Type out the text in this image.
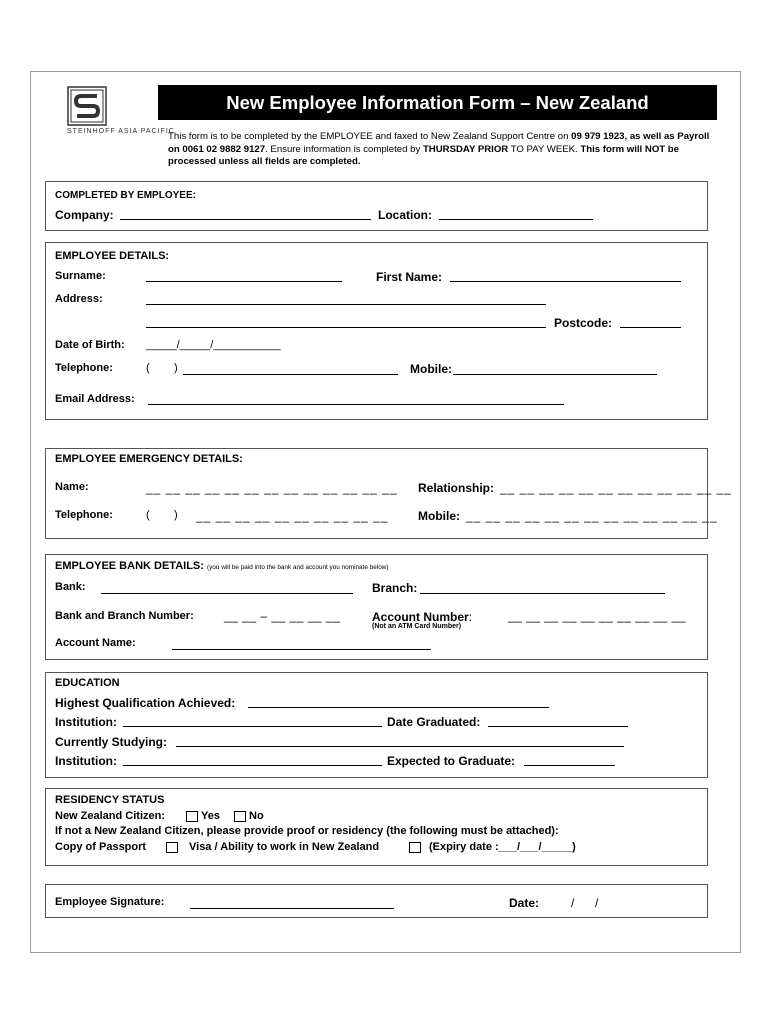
STEINHOFF ASIA PACIFIC
New Employee Information Form – New Zealand
This form is to be completed by the EMPLOYEE and faxed to New Zealand Support Centre on 09 979 1923, as well as Payroll on 0061 02 9882 9127. Ensure information is completed by THURSDAY PRIOR TO PAY WEEK. This form will NOT be processed unless all fields are completed.
COMPLETED BY EMPLOYEE:
Company:	Location:
EMPLOYEE DETAILS:
Surname:	First Name:
Address:
Postcode:
Date of Birth: _____/_____/___________
Telephone:	( )	Mobile:
Email Address:
EMPLOYEE EMERGENCY DETAILS:
Name:	__ __ __ __ __ __ __ __ __ __ __ __ __ Relationship: __ __ __ __ __ __ __ __ __ __ __ __
Telephone:	( ) __ __ __ __ __ __ __ __ __ __ Mobile: __ __ __ __ __ __ __ __ __ __ __ __ __
EMPLOYEE BANK DETAILS: (you will be paid into the bank and account you nominate below)
Bank:	Branch:
Bank and Branch Number:	__ __ – __ __ __ __	Account Number:
(Not an ATM Card Number)
__ __ __ __ __ __ __ __ __ __
Account Name:
EDUCATION
Highest Qualification Achieved:
Institution:	Date Graduated:
Currently Studying:
Institution:	Expected to Graduate:
RESIDENCY STATUS
New Zealand Citizen:	Yes	No
If not a New Zealand Citizen, please provide proof or residency (the following must be attached):
Copy of Passport	Visa / Ability to work in New Zealand	(Expiry date :___/___/_____)
Employee Signature:	Date:	/ /
